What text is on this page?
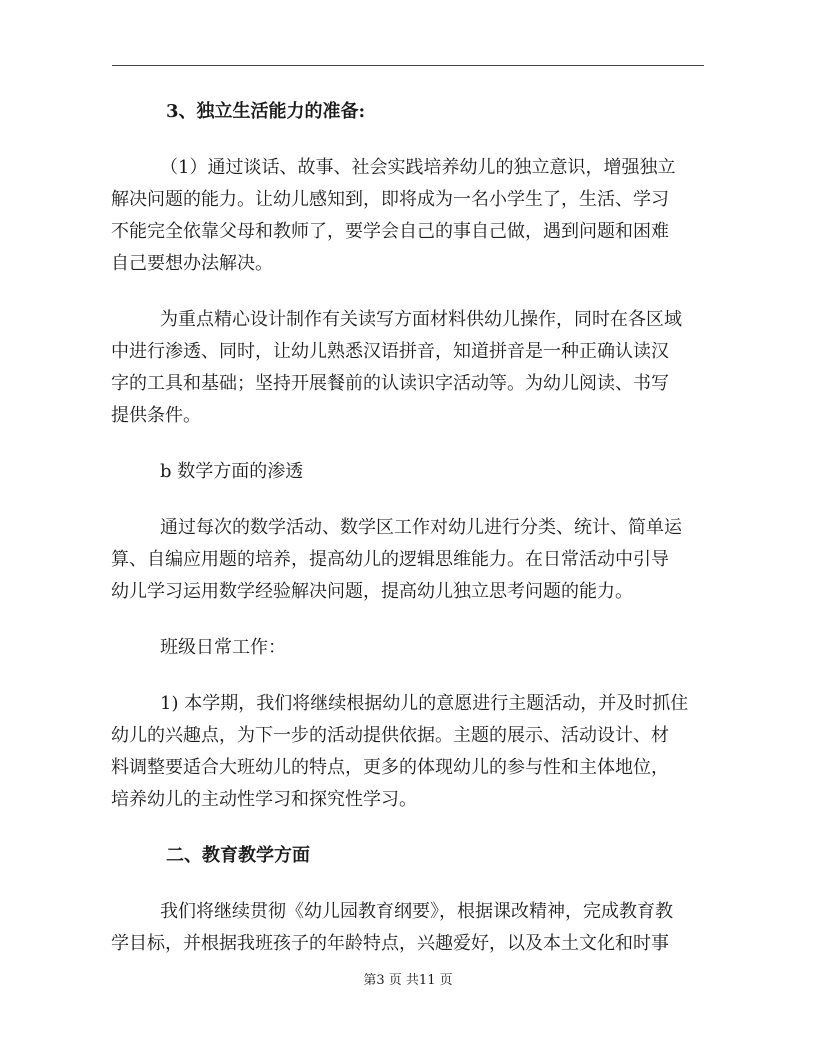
3、独立生活能力的准备:
（1）通过谈话、故事、社会实践培养幼儿的独立意识，增强独立
解决问题的能力。让幼儿感知到，即将成为一名小学生了，生活、学习
不能完全依靠父母和教师了，要学会自己的事自己做，遇到问题和困难
自己要想办法解决。
为重点精心设计制作有关读写方面材料供幼儿操作，同时在各区域
中进行渗透、同时，让幼儿熟悉汉语拼音，知道拼音是一种正确认读汉
字的工具和基础；坚持开展餐前的认读识字活动等。为幼儿阅读、书写
提供条件。
b 数学方面的渗透
通过每次的数学活动、数学区工作对幼儿进行分类、统计、简单运
算、自编应用题的培养，提高幼儿的逻辑思维能力。在日常活动中引导
幼儿学习运用数学经验解决问题，提高幼儿独立思考问题的能力。
班级日常工作：
1) 本学期，我们将继续根据幼儿的意愿进行主题活动，并及时抓住
幼儿的兴趣点，为下一步的活动提供依据。主题的展示、活动设计、材
料调整要适合大班幼儿的特点，更多的体现幼儿的参与性和主体地位，
培养幼儿的主动性学习和探究性学习。
二、教育教学方面
我们将继续贯彻《幼儿园教育纲要》，根据课改精神，完成教育教
学目标，并根据我班孩子的年龄特点，兴趣爱好，以及本土文化和时事
第3 页 共11 页
